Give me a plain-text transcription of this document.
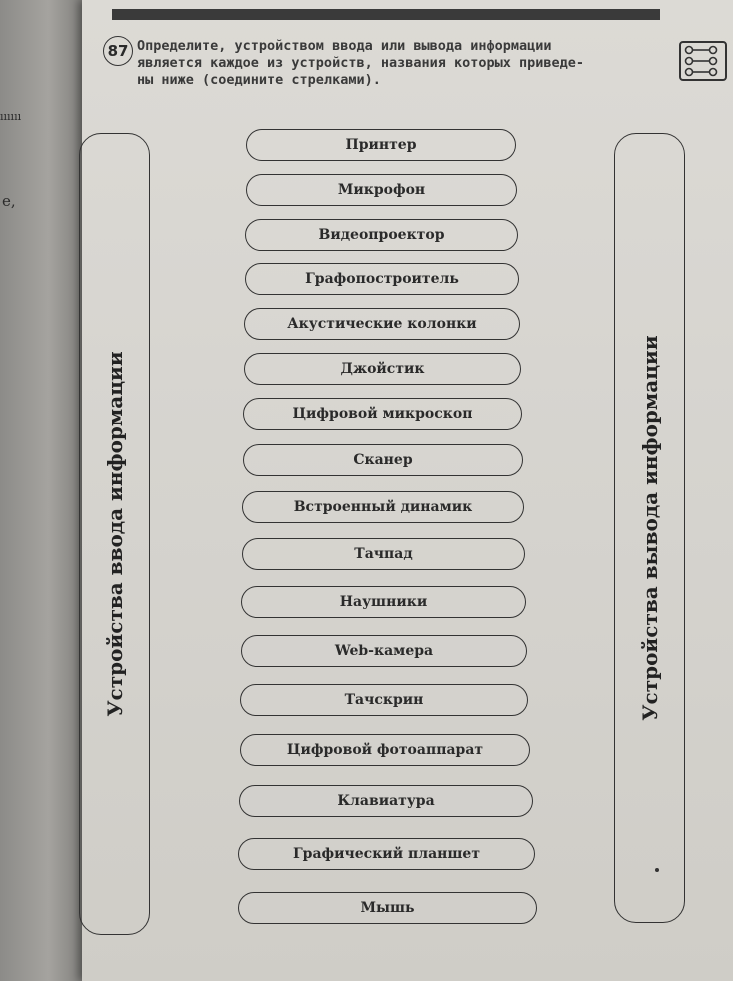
ıııııı
е,
87 Определите, устройством ввода или вывода информации
является каждое из устройств, названия которых приведе-
ны ниже (соедините стрелками).
Устройства ввода информации	Устройства вывода информации
Принтер
Микрофон
Видеопроектор
Графопостроитель
Акустические колонки
Джойстик
Цифровой микроскоп
Сканер
Встроенный динамик
Тачпад
Наушники
Web-камера
Тачскрин
Цифровой фотоаппарат
Клавиатура
Графический планшет
Мышь
